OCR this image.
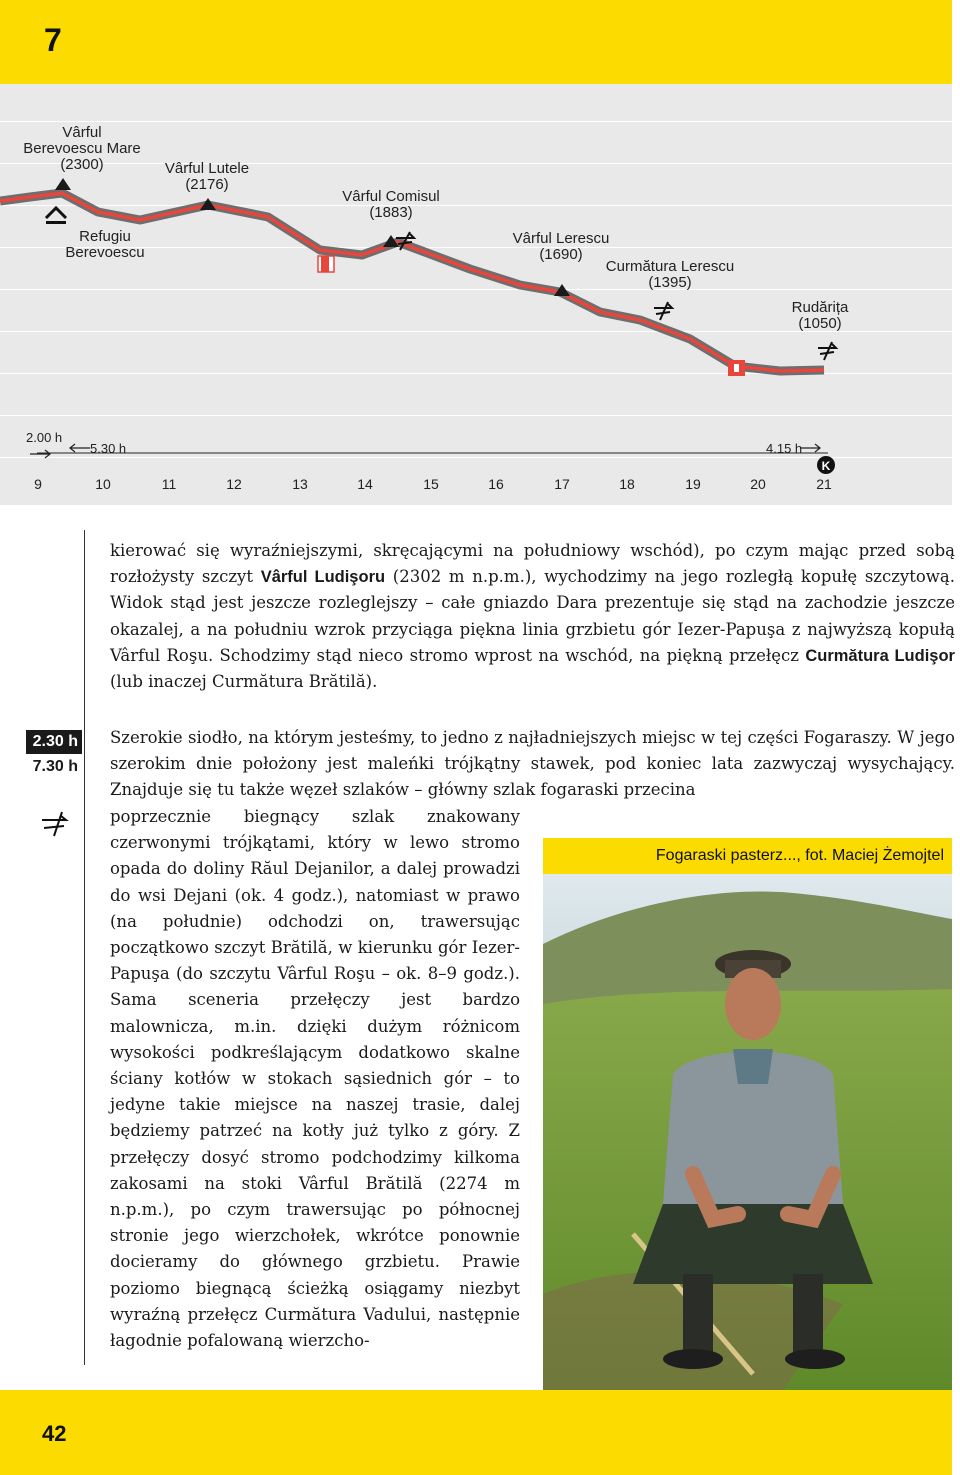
7
K
Vârful
Berevoescu Mare
(2300)	Vârful Lutele
(2176)
Vârful Comisul
(1883)
Vârful Lerescu
(1690)
Curmătura Lerescu
(1395)
Rudărița
(1050)
Refugiu
Berevoescu
2.00 h
5.30 h	4.15 h
9	10	11	12	13	14	15	16	17	18	19	20	21
kierować się wyraźniejszymi, skręcającymi na południowy wschód), po czym mając przed sobą rozłożysty szczyt Vârful Ludişoru (2302 m n.p.m.), wychodzimy na jego rozległą kopułę szczytową. Widok stąd jest jeszcze rozleglejszy – całe gniazdo Dara prezentuje się stąd na zachodzie jeszcze okazalej, a na południu wzrok przyciąga piękna linia grzbietu gór Iezer-Papuşa z najwyższą kopułą Vârful Roşu. Schodzimy stąd nieco stromo wprost na wschód, na piękną przełęcz Curmătura Ludişor (lub inaczej Curmătura Brătilă).
2.30 h
7.30 h
Szerokie siodło, na którym jesteśmy, to jedno z najładniejszych miejsc w tej części Fogaraszy. W jego szerokim dnie położony jest maleńki trójkątny stawek, pod koniec lata zazwyczaj wysychający. Znajduje się tu także węzeł szlaków – główny szlak fogaraski przecina
poprzecznie biegnący szlak znakowany czerwonymi trójkątami, który w lewo stromo opada do doliny Răul Dejanilor, a dalej prowadzi do wsi Dejani (ok. 4 godz.), natomiast w prawo (na południe) odchodzi on, trawersując początkowo szczyt Brătilă, w kierunku gór Iezer-Papuşa (do szczytu Vârful Roşu – ok. 8–9 godz.). Sama sceneria przełęczy jest bardzo malownicza, m.in. dzięki dużym różnicom wysokości podkreślającym dodatkowo skalne ściany kotłów w stokach sąsiednich gór – to jedyne takie miejsce na naszej trasie, dalej będziemy patrzeć na kotły już tylko z góry. Z przełęczy dosyć stromo podchodzimy kilkoma zakosami na stoki Vârful Brătilă (2274 m n.p.m.), po czym trawersując po północnej stronie jego wierzchołek, wkrótce ponownie docieramy do głównego grzbietu. Prawie poziomo biegnącą ścieżką osiągamy niezbyt wyraźną przełęcz Curmătura Vadului, następnie łagodnie pofalowaną wierzcho-
Fogaraski pasterz..., fot. Maciej Żemojtel
42
